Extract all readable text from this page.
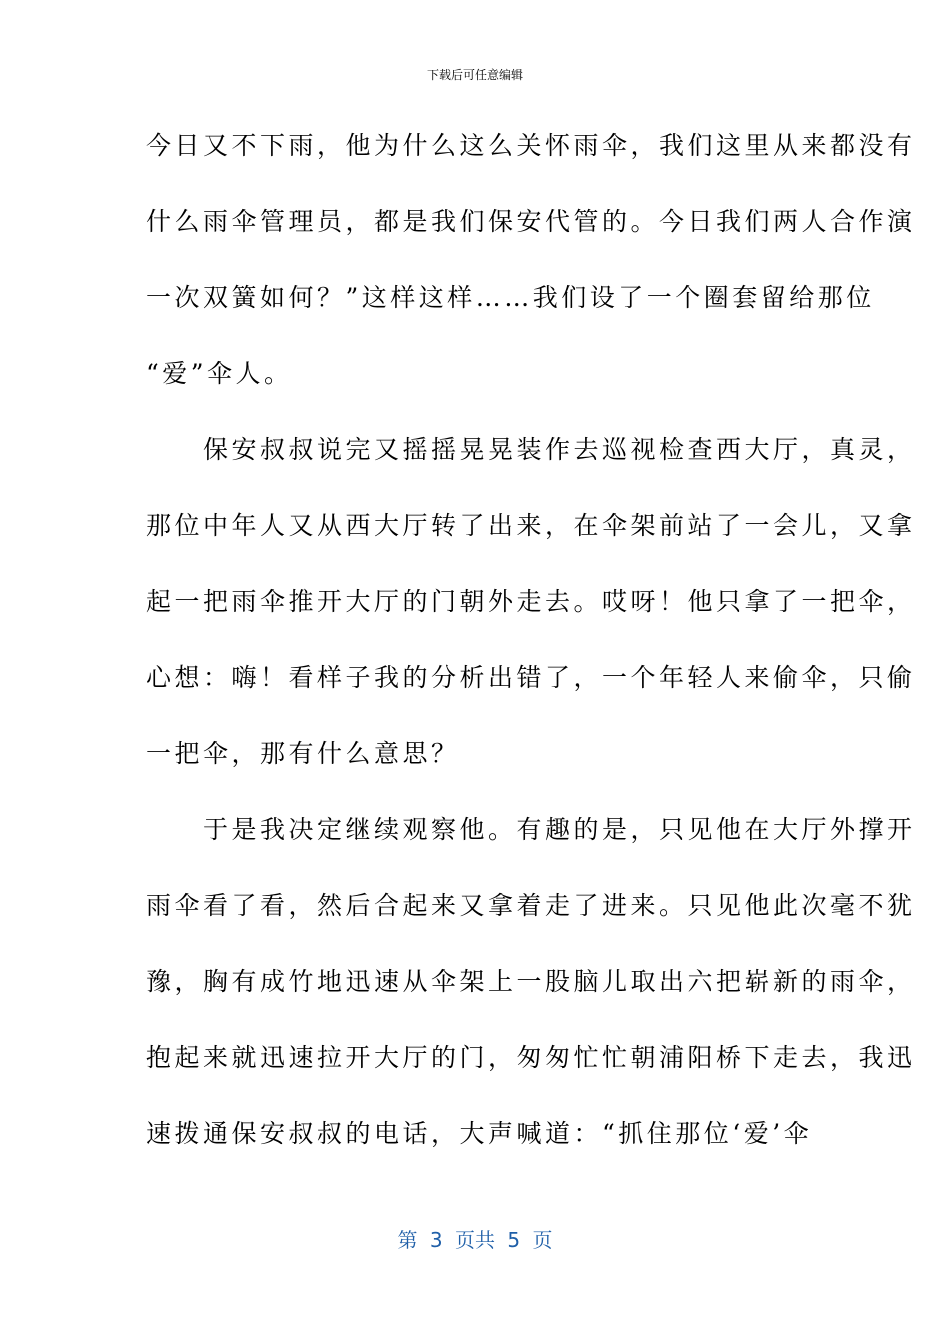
下载后可任意编辑
今日又不下雨，他为什么这么关怀雨伞，我们这里从来都没有
什么雨伞管理员，都是我们保安代管的。今日我们两人合作演
一次双簧如何？”这样这样……我们设了一个圈套留给那位
“爱”伞人。
　　保安叔叔说完又摇摇晃晃装作去巡视检查西大厅，真灵，
那位中年人又从西大厅转了出来，在伞架前站了一会儿，又拿
起一把雨伞推开大厅的门朝外走去。哎呀！他只拿了一把伞，
心想：嗨！看样子我的分析出错了，一个年轻人来偷伞，只偷
一把伞，那有什么意思？
　　于是我决定继续观察他。有趣的是，只见他在大厅外撑开
雨伞看了看，然后合起来又拿着走了进来。只见他此次毫不犹
豫，胸有成竹地迅速从伞架上一股脑儿取出六把崭新的雨伞，
抱起来就迅速拉开大厅的门，匆匆忙忙朝浦阳桥下走去，我迅
速拨通保安叔叔的电话，大声喊道：“抓住那位‘爱’伞
第 3 页共 5 页
